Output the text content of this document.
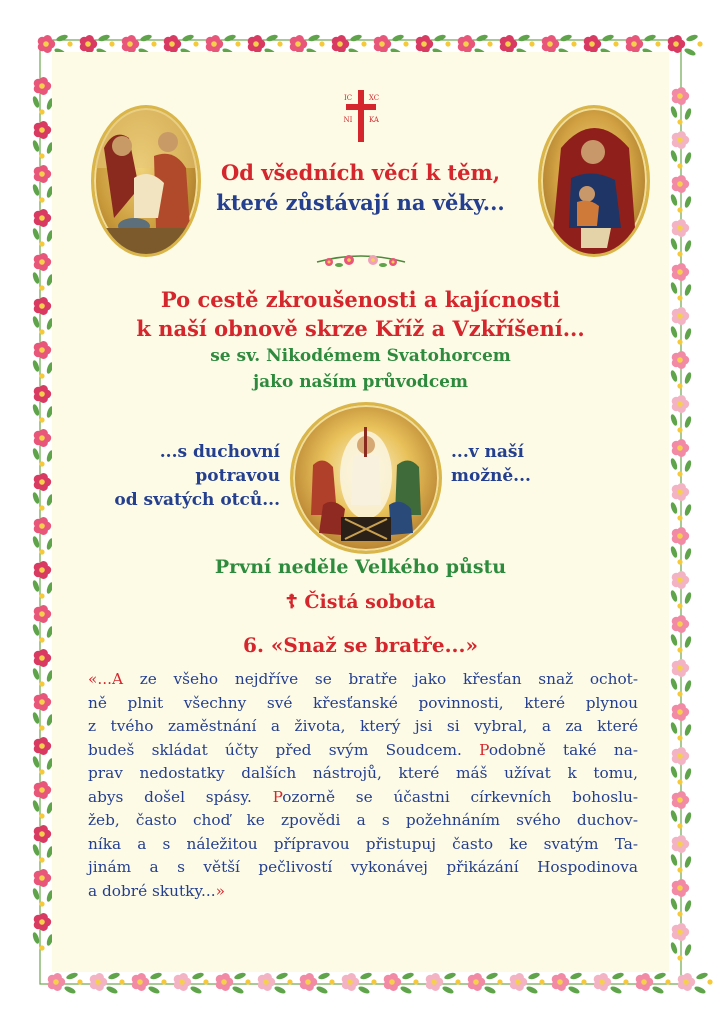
IC XC
NI KA
Od všedních věcí k těm,
které zůstávají na věky...
Po cestě zkroušenosti a kajícnosti
k naší obnově skrze Kříž a Vzkříšení...
se sv. Nikodémem Svatohorcem
jako naším průvodcem
...s duchovní
potravou
od svatých otců...
...v naší
možně...
První neděle Velkého půstu
☦ Čistá sobota
6. «Snaž se bratře...»
«...A ze všeho nejdříve se bratře jako křesťan snaž ochot-
ně plnit všechny své křesťanské povinnosti, které plynou
z tvého zaměstnání a života, který jsi si vybral, a za které
budeš skládat účty před svým Soudcem. Podobně také na-
prav nedostatky dalších nástrojů, které máš užívat k tomu,
abys došel spásy. Pozorně se účastni církevních bohoslu-
žeb, často choď ke zpovědi a s požehnáním svého duchov-
níka a s náležitou přípravou přistupuj často ke svatým Ta-
jinám a s větší pečlivostí vykonávej přikázání Hospodinova
a dobré skutky...»
